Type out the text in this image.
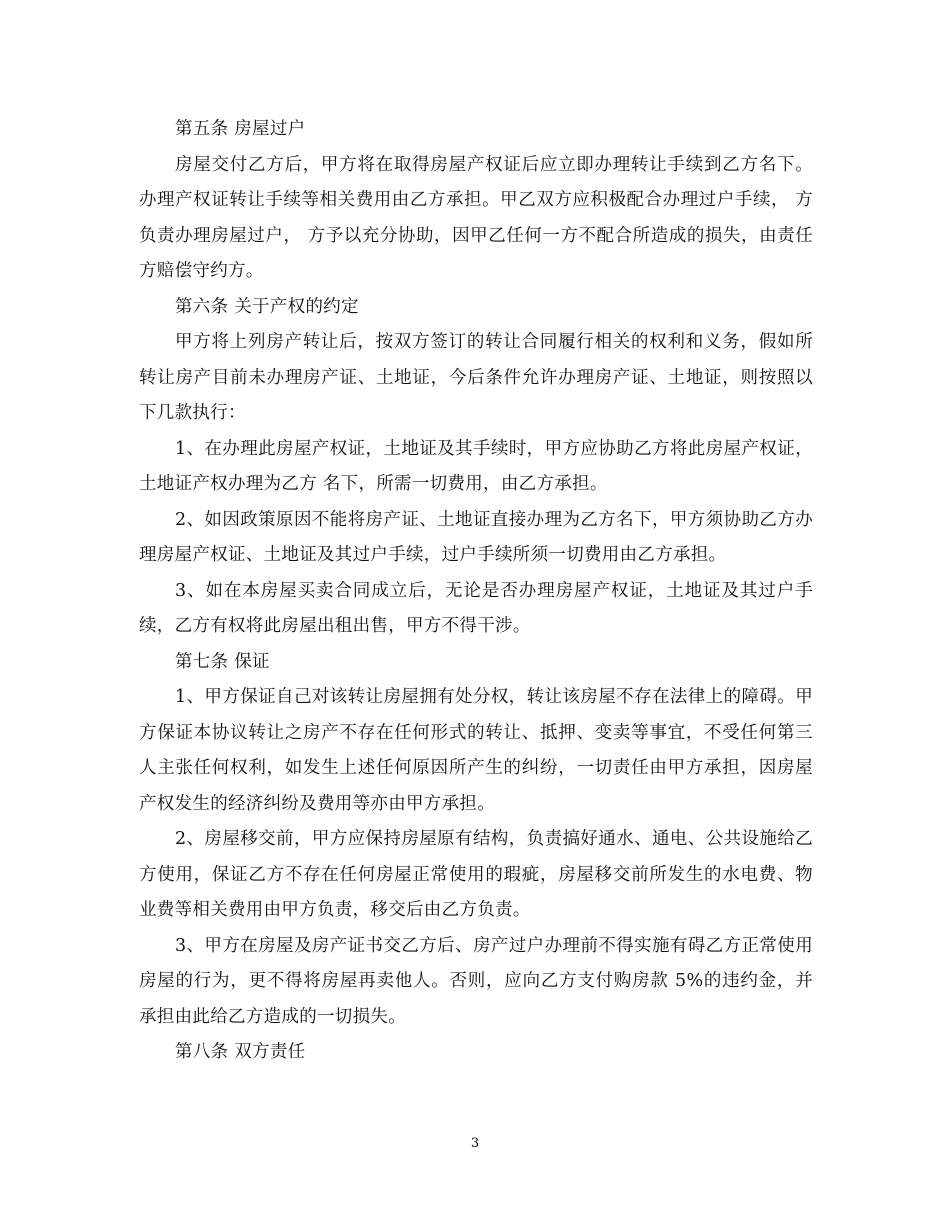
第五条 房屋过户

房屋交付乙方后，甲方将在取得房屋产权证后应立即办理转让手续到乙方名下。办理产权证转让手续等相关费用由乙方承担。甲乙双方应积极配合办理过户手续， 方负责办理房屋过户， 方予以充分协助，因甲乙任何一方不配合所造成的损失，由责任方赔偿守约方。

第六条 关于产权的约定

甲方将上列房产转让后，按双方签订的转让合同履行相关的权利和义务，假如所转让房产目前未办理房产证、土地证，今后条件允许办理房产证、土地证，则按照以下几款执行：

1、在办理此房屋产权证，土地证及其手续时，甲方应协助乙方将此房屋产权证，土地证产权办理为乙方 名下，所需一切费用，由乙方承担。

2、如因政策原因不能将房产证、土地证直接办理为乙方名下，甲方须协助乙方办理房屋产权证、土地证及其过户手续，过户手续所须一切费用由乙方承担。

3、如在本房屋买卖合同成立后，无论是否办理房屋产权证，土地证及其过户手续，乙方有权将此房屋出租出售，甲方不得干涉。

第七条 保证

1、甲方保证自己对该转让房屋拥有处分权，转让该房屋不存在法律上的障碍。甲方保证本协议转让之房产不存在任何形式的转让、抵押、变卖等事宜，不受任何第三人主张任何权利，如发生上述任何原因所产生的纠纷，一切责任由甲方承担，因房屋产权发生的经济纠纷及费用等亦由甲方承担。

2、房屋移交前，甲方应保持房屋原有结构，负责搞好通水、通电、公共设施给乙方使用，保证乙方不存在任何房屋正常使用的瑕疵，房屋移交前所发生的水电费、物业费等相关费用由甲方负责，移交后由乙方负责。

3、甲方在房屋及房产证书交乙方后、房产过户办理前不得实施有碍乙方正常使用房屋的行为，更不得将房屋再卖他人。否则，应向乙方支付购房款 5%的违约金，并承担由此给乙方造成的一切损失。

第八条 双方责任

3
